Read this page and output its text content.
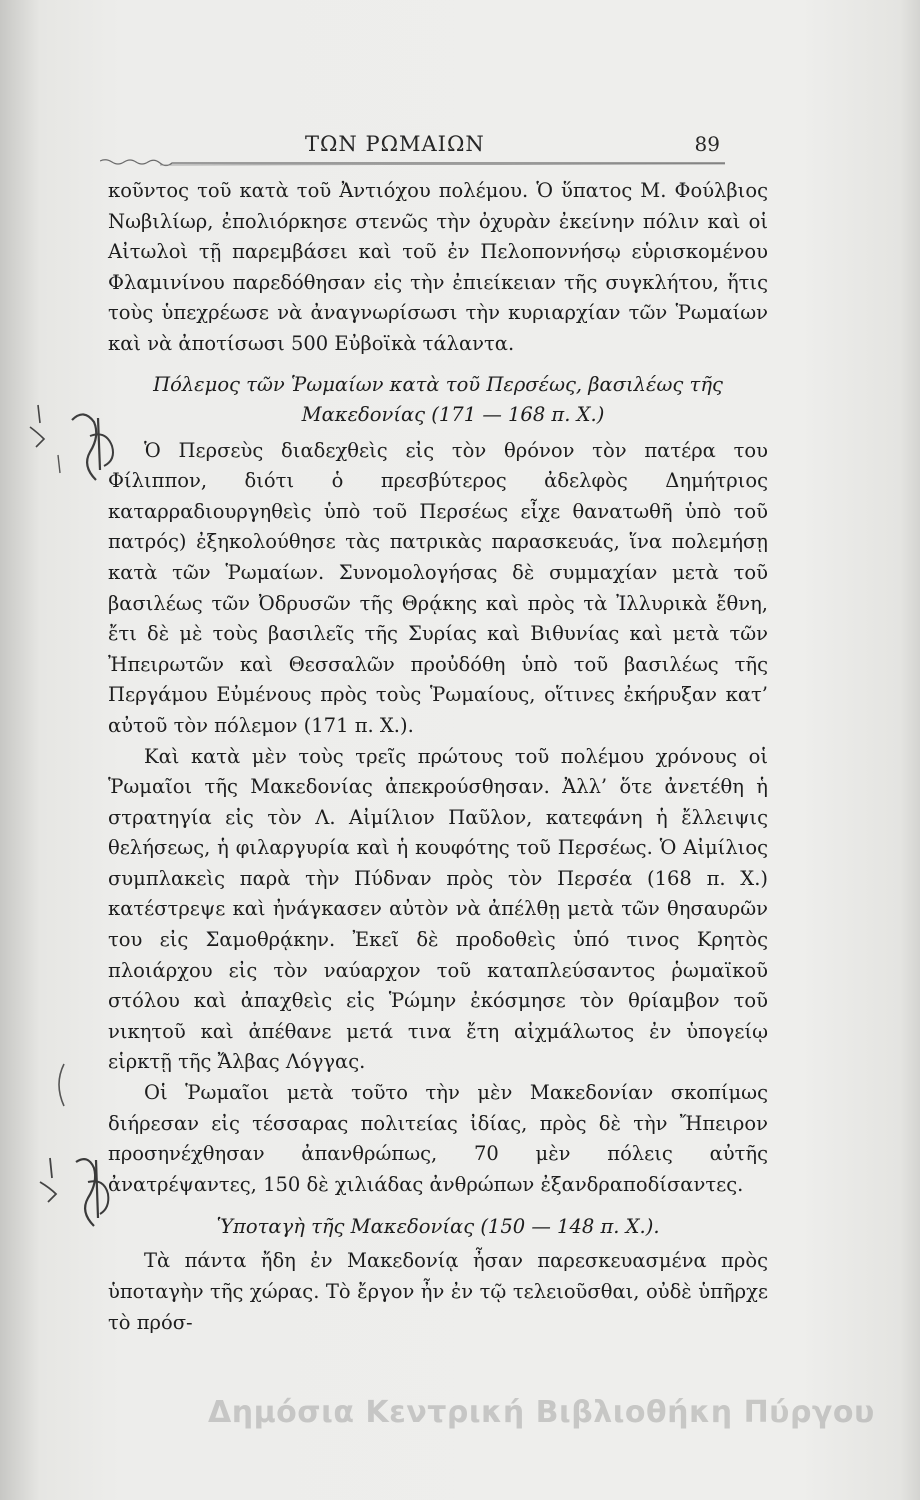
ΤΩΝ ΡΩΜΑΙΩΝ	89

κοῦντος τοῦ κατὰ τοῦ Ἀντιόχου πολέμου. Ὁ ὕπατος Μ. Φούλβιος Νωβιλίωρ, ἐπολιόρκησε στενῶς τὴν ὀχυρὰν ἐκείνην πόλιν καὶ οἱ Αἰτωλοὶ τῇ παρεμβάσει καὶ τοῦ ἐν Πελοποννήσῳ εὑρισκομένου Φλαμινίνου παρεδόθησαν εἰς τὴν ἐπιείκειαν τῆς συγκλήτου, ἥτις τοὺς ὑπεχρέωσε νὰ ἀναγνωρίσωσι τὴν κυριαρχίαν τῶν Ῥωμαίων καὶ νὰ ἀποτίσωσι 500 Εὐβοϊκὰ τάλαντα.

Πόλεμος τῶν Ῥωμαίων κατὰ τοῦ Περσέως, βασιλέως τῆς
Μακεδονίας (171 — 168 π. Χ.)

Ὁ Περσεὺς διαδεχθεὶς εἰς τὸν θρόνον τὸν πατέρα του Φίλιππον, διότι ὁ πρεσβύτερος ἀδελφὸς Δημήτριος καταρραδιουργηθεὶς ὑπὸ τοῦ Περσέως εἶχε θανατωθῆ ὑπὸ τοῦ πατρός) ἐξηκολούθησε τὰς πατρικὰς παρασκευάς, ἵνα πολεμήσῃ κατὰ τῶν Ῥωμαίων. Συνομολογήσας δὲ συμμαχίαν μετὰ τοῦ βασιλέως τῶν Ὀδρυσῶν τῆς Θρᾴκης καὶ πρὸς τὰ Ἰλλυρικὰ ἔθνη, ἔτι δὲ μὲ τοὺς βασιλεῖς τῆς Συρίας καὶ Βιθυνίας καὶ μετὰ τῶν Ἠπειρωτῶν καὶ Θεσσαλῶν προὐδόθη ὑπὸ τοῦ βασιλέως τῆς Περγάμου Εὐμένους πρὸς τοὺς Ῥωμαίους, οἵτινες ἐκήρυξαν κατ’ αὐτοῦ τὸν πόλεμον (171 π. Χ.).

Καὶ κατὰ μὲν τοὺς τρεῖς πρώτους τοῦ πολέμου χρόνους οἱ Ῥωμαῖοι τῆς Μακεδονίας ἀπεκρούσθησαν. Ἀλλ’ ὅτε ἀνετέθη ἡ στρατηγία εἰς τὸν Λ. Αἰμίλιον Παῦλον, κατεφάνη ἡ ἔλλειψις θελήσεως, ἡ φιλαργυρία καὶ ἡ κουφότης τοῦ Περσέως. Ὁ Αἰμίλιος συμπλακεὶς παρὰ τὴν Πύδναν πρὸς τὸν Περσέα (168 π. Χ.) κατέστρεψε καὶ ἠνάγκασεν αὐτὸν νὰ ἀπέλθῃ μετὰ τῶν θησαυρῶν του εἰς Σαμοθρᾴκην. Ἐκεῖ δὲ προδοθεὶς ὑπό τινος Κρητὸς πλοιάρχου εἰς τὸν ναύαρχον τοῦ καταπλεύσαντος ῥωμαϊκοῦ στόλου καὶ ἀπαχθεὶς εἰς Ῥώμην ἐκόσμησε τὸν θρίαμβον τοῦ νικητοῦ καὶ ἀπέθανε μετά τινα ἔτη αἰχμάλωτος ἐν ὑπογείῳ εἱρκτῇ τῆς Ἄλβας Λόγγας.

Οἱ Ῥωμαῖοι μετὰ τοῦτο τὴν μὲν Μακεδονίαν σκοπίμως διήρεσαν εἰς τέσσαρας πολιτείας ἰδίας, πρὸς δὲ τὴν Ἤπειρον προσηνέχθησαν ἀπανθρώπως, 70 μὲν πόλεις αὐτῆς ἀνατρέψαντες, 150 δὲ χιλιάδας ἀνθρώπων ἐξανδραποδίσαντες.

Ὑποταγὴ τῆς Μακεδονίας (150 — 148 π. Χ.).

Τὰ πάντα ἤδη ἐν Μακεδονίᾳ ἦσαν παρεσκευασμένα πρὸς ὑποταγὴν τῆς χώρας. Τὸ ἔργον ἦν ἐν τῷ τελειοῦσθαι, οὐδὲ ὑπῆρχε τὸ πρόσ-

Δημόσια Κεντρική Βιβλιοθήκη Πύργου
